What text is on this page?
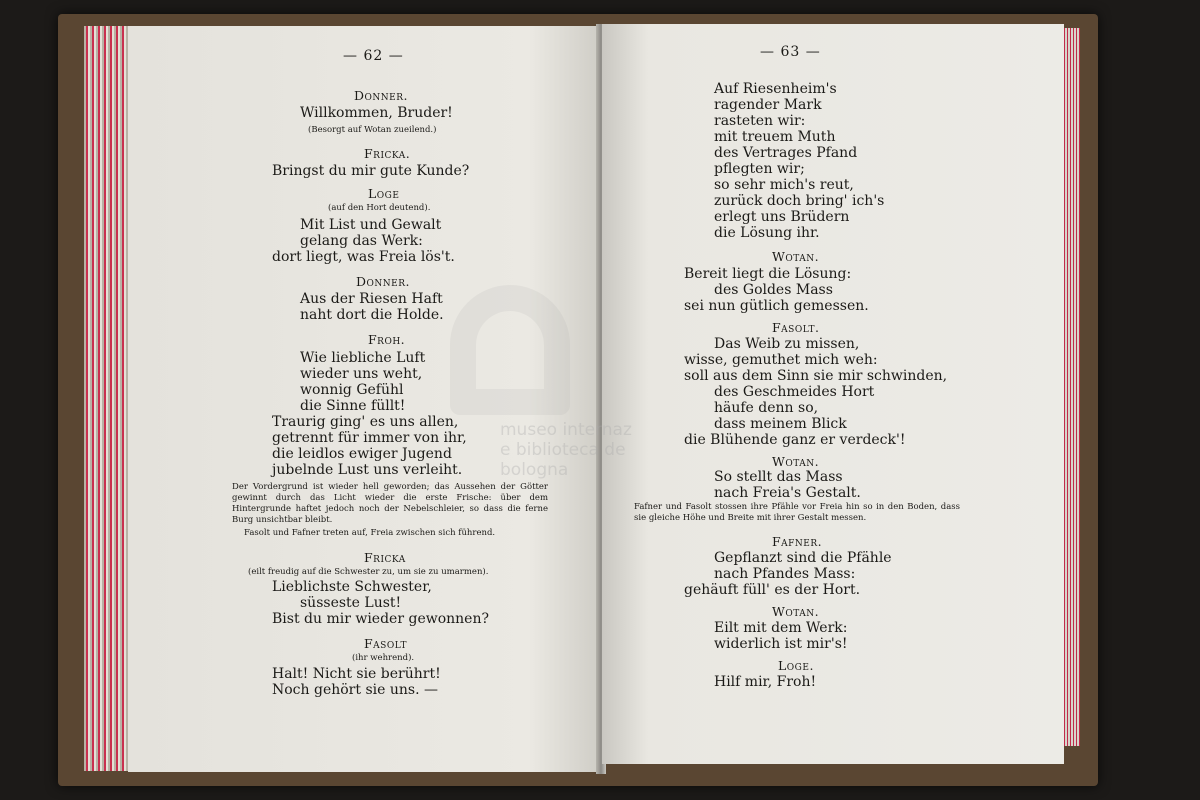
— 62 —
Donner.
Willkommen, Bruder!
(Besorgt auf Wotan zueilend.)
Fricka.
Bringst du mir gute Kunde?
Loge
(auf den Hort deutend).
Mit List und Gewalt
gelang das Werk:
dort liegt, was Freia lös't.
Donner.
Aus der Riesen Haft
naht dort die Holde.
Froh.
Wie liebliche Luft
wieder uns weht,
wonnig Gefühl
die Sinne füllt!
Traurig ging' es uns allen,
getrennt für immer von ihr,
die leidlos ewiger Jugend
jubelnde Lust uns verleiht.
Der Vordergrund ist wieder hell geworden; das Aussehen der Götter gewinnt durch das Licht wieder die erste Frische: über dem Hintergrunde haftet jedoch noch der Nebelschleier, so dass die ferne Burg unsichtbar bleibt.
Fasolt und Fafner treten auf, Freia zwischen sich führend.
Fricka
(eilt freudig auf die Schwester zu, um sie zu umarmen).
Lieblichste Schwester,
süsseste Lust!
Bist du mir wieder gewonnen?
Fasolt
(ihr wehrend).
Halt! Nicht sie berührt!
Noch gehört sie uns. —
— 63 —
Auf Riesenheim's
ragender Mark
rasteten wir:
mit treuem Muth
des Vertrages Pfand
pflegten wir;
so sehr mich's reut,
zurück doch bring' ich's
erlegt uns Brüdern
die Lösung ihr.
Wotan.
Bereit liegt die Lösung:
des Goldes Mass
sei nun gütlich gemessen.
Fasolt.
Das Weib zu missen,
wisse, gemuthet mich weh:
soll aus dem Sinn sie mir schwinden,
des Geschmeides Hort
häufe denn so,
dass meinem Blick
die Blühende ganz er verdeck'!
Wotan.
So stellt das Mass
nach Freia's Gestalt.
Fafner und Fasolt stossen ihre Pfähle vor Freia hin so in den Boden, dass sie gleiche Höhe und Breite mit ihrer Gestalt messen.
Fafner.
Gepflanzt sind die Pfähle
nach Pfandes Mass:
gehäuft füll' es der Hort.
Wotan.
Eilt mit dem Werk:
widerlich ist mir's!
Loge.
Hilf mir, Froh!
museo internaz
e biblioteca de
bologna
